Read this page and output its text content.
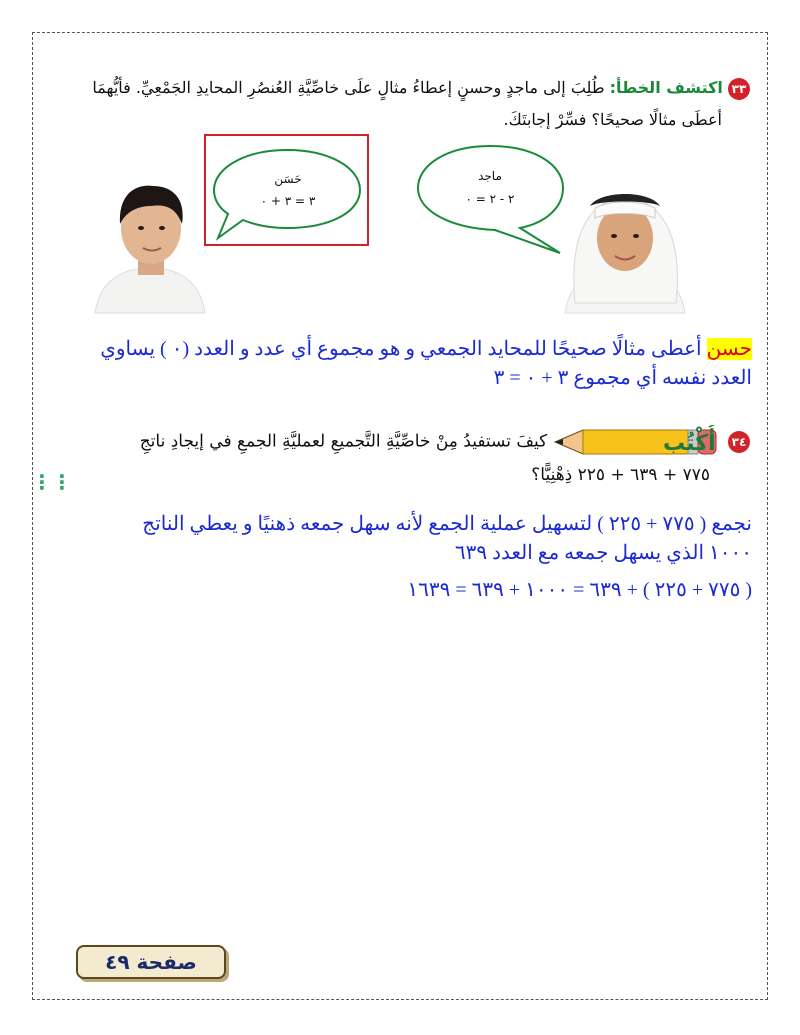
٣٣ اكتشف الخطأ: طُلِبَ إلى ماجدٍ وحسنٍ إعطاءُ مثالٍ علَى خاصِّيَّةِ العُنصُرِ المحايدِ الجَمْعِيِّ. فأيُّهمَا
أعطَى مثالًا صحيحًا؟ فسِّرْ إجابتَكَ.
حَسَن
٣ = ٣ + ٠
ماجد
٢ - ٢ = ٠
حسن أعطى مثالًا صحيحًا للمحايد الجمعي و هو مجموع أي عدد و العدد (٠ ) يساوي
العدد نفسه أي مجموع ٣ + ٠ = ٣
٣٤
أُكْتُب
كيفَ تستفيدُ مِنْ خاصِّيَّةِ التَّجميعِ لعمليَّةِ الجمعِ في إيجادِ ناتجِ
٧٧٥ + ٦٣٩ + ٢٢٥ ذِهْنِيًّا؟
⋮⋮
نجمع ( ٧٧٥ + ٢٢٥ ) لتسهيل عملية الجمع لأنه سهل جمعه ذهنيًا و يعطي الناتج
١٠٠٠ الذي يسهل جمعه مع العدد ٦٣٩
( ٧٧٥ + ٢٢٥ ) + ٦٣٩ = ١٠٠٠ + ٦٣٩ = ١٦٣٩
صفحة ٤٩
